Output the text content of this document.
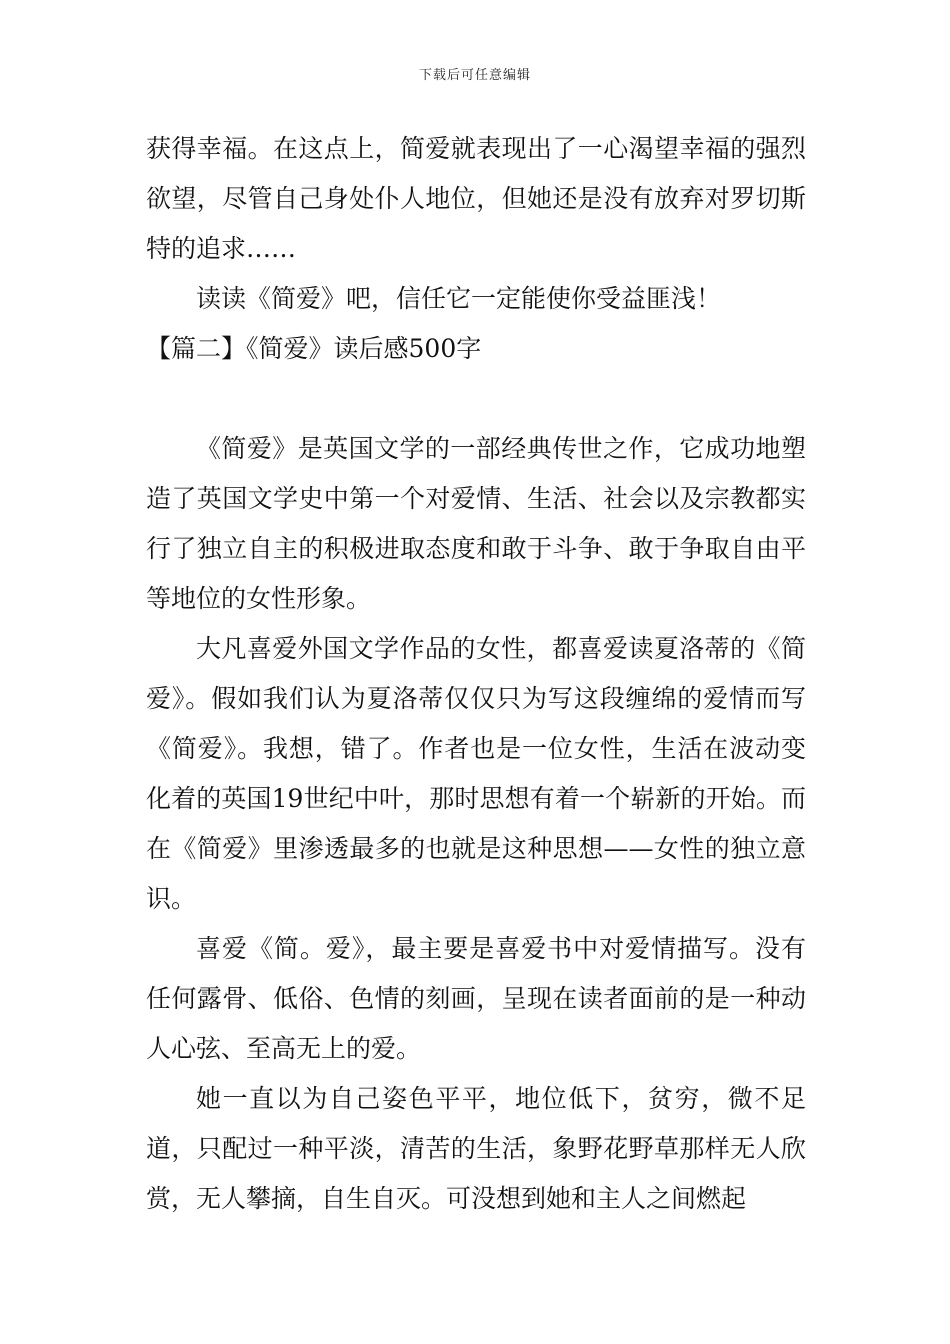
下载后可任意编辑

获得幸福。在这点上，简爱就表现出了一心渴望幸福的强烈欲望，尽管自己身处仆人地位，但她还是没有放弃对罗切斯特的追求……

读读《简爱》吧，信任它一定能使你受益匪浅！

【篇二】《简爱》读后感500字

《简爱》是英国文学的一部经典传世之作，它成功地塑造了英国文学史中第一个对爱情、生活、社会以及宗教都实行了独立自主的积极进取态度和敢于斗争、敢于争取自由平等地位的女性形象。

大凡喜爱外国文学作品的女性，都喜爱读夏洛蒂的《简爱》。假如我们认为夏洛蒂仅仅只为写这段缠绵的爱情而写《简爱》。我想，错了。作者也是一位女性，生活在波动变化着的英国19世纪中叶，那时思想有着一个崭新的开始。而在《简爱》里渗透最多的也就是这种思想——女性的独立意识。

喜爱《简。爱》，最主要是喜爱书中对爱情描写。没有任何露骨、低俗、色情的刻画，呈现在读者面前的是一种动人心弦、至高无上的爱。

她一直以为自己姿色平平，地位低下，贫穷，微不足道，只配过一种平淡，清苦的生活，象野花野草那样无人欣赏，无人攀摘，自生自灭。可没想到她和主人之间燃起
